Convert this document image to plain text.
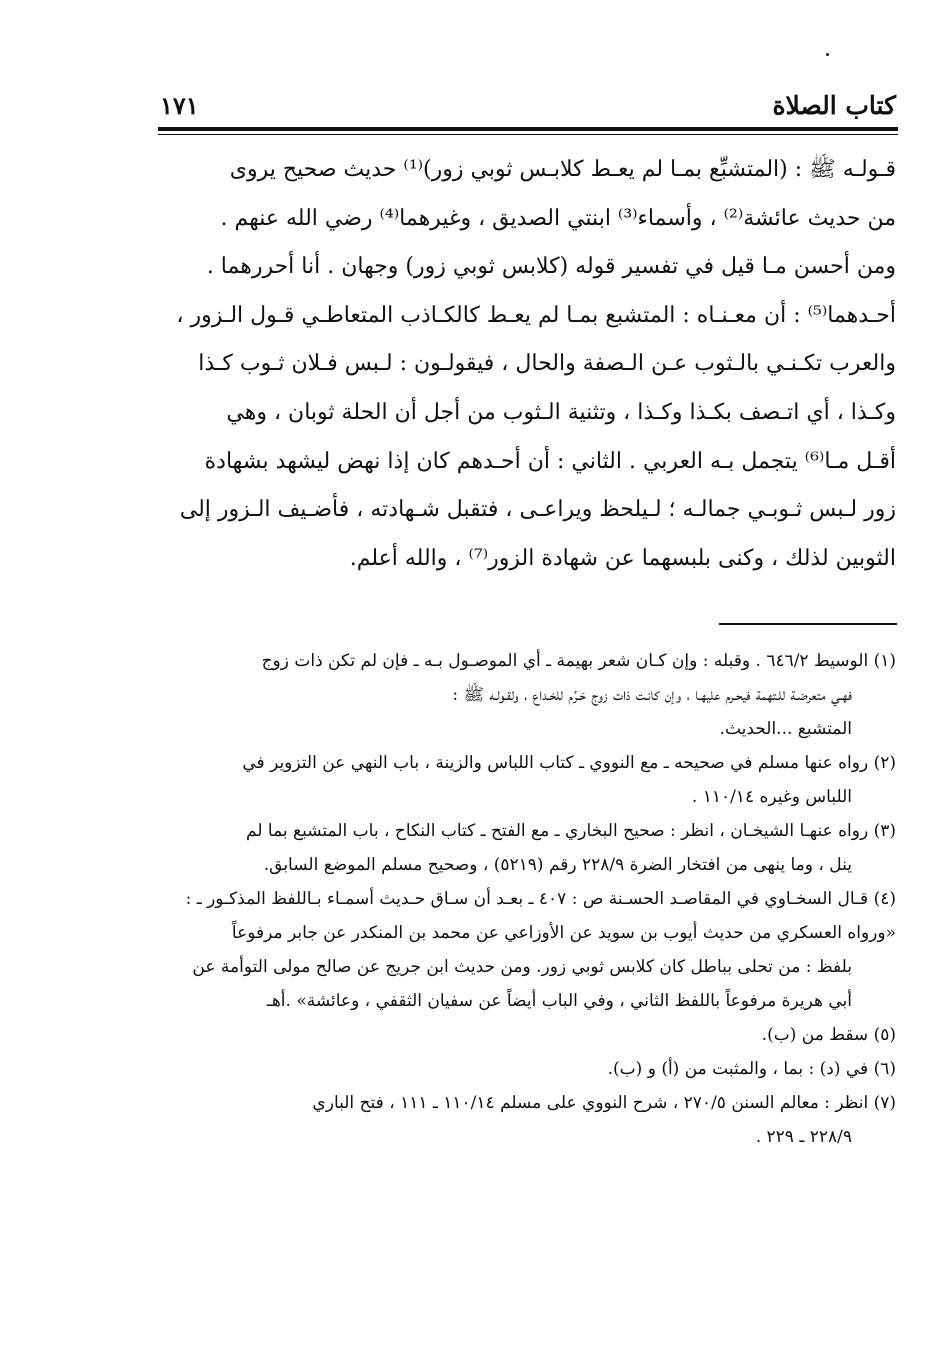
كتاب الصلاة
١٧١
قـولـه ﷺ : (المتشبِّع بمـا لم يعـط كلابـس ثوبي زور)⁽¹⁾ حديث صحيح يروى
من حديث عائشة⁽²⁾ ، وأسماء⁽³⁾ ابنتي الصديق ، وغيرهما⁽⁴⁾ رضي الله عنهم .
ومن أحسن مـا قيل في تفسير قوله (كلابس ثوبي زور) وجهان . أنا أحررهما .
أحـدهما⁽⁵⁾ : أن معـنـاه : المتشبع بمـا لم يعـط كالكـاذب المتعاطـي قـول الـزور ،
والعرب تكـنـي بالـثوب عـن الـصفة والحال ، فيقولـون : لـبس فـلان ثـوب كـذا
وكـذا ، أي اتـصف بكـذا وكـذا ، وتثنية الـثوب من أجل أن الحلة ثوبان ، وهي
أقـل مـا⁽⁶⁾ يتجمل بـه العربي . الثاني : أن أحـدهم كان إذا نهض ليشهد بشهادة
زور لـبس ثـوبـي جمالـه ؛ لـيلحظ ويراعـى ، فتقبل شـهادته ، فأضـيف الـزور إلى
الثوبين لذلك ، وكنى بلبسهما عن شهادة الزور⁽⁷⁾ ، والله أعلم.
(١) الوسيط ٦٤٦/٢ . وقبله : وإن كـان شعر بهيمة ـ أي الموصـول بـه ـ فإن لم تكن ذات زوج
فهـي متعرضـة للـتهمة فيحـرم عليهـا ، وإن كانـت ذات زوج حَـرُم للخـداع ، ولقـولـه ﷺ :
المتشبع ...الحديث.
(٢) رواه عنها مسلم في صحيحه ـ مع النووي ـ كتاب اللباس والزينة ، باب النهي عن التزوير في
اللباس وغيره ١١٠/١٤ .
(٣) رواه عنهـا الشيخـان ، انظر : صحيح البخاري ـ مع الفتح ـ كتاب النكاح ، باب المتشبع بما لم
ينل ، وما ينهى من افتخار الضرة ٢٢٨/٩ رقم (٥٢١٩) ، وصحيح مسلم الموضع السابق.
(٤) قـال السخـاوي في المقاصـد الحسـنة ص : ٤٠٧ ـ بعـد أن سـاق حـديث أسمـاء بـاللفظ المذكـور ـ :
«ورواه العسكري من حديث أيوب بن سويد عن الأوزاعي عن محمد بن المنكدر عن جابر مرفوعاً
بلفظ : من تحلى بباطل كان كلابس ثوبي زور. ومن حديث ابن جريج عن صالح مولى التوأمة عن
أبي هريرة مرفوعاً باللفظ الثاني ، وفي الباب أيضاً عن سفيان الثقفي ، وعائشة» .أهـ
(٥) سقط من (ب).
(٦) في (د) : بما ، والمثبت من (أ) و (ب).
(٧) انظر : معالم السنن ٢٧٠/٥ ، شرح النووي على مسلم ١١٠/١٤ ـ ١١١ ، فتح الباري
٢٢٨/٩ ـ ٢٢٩ .
